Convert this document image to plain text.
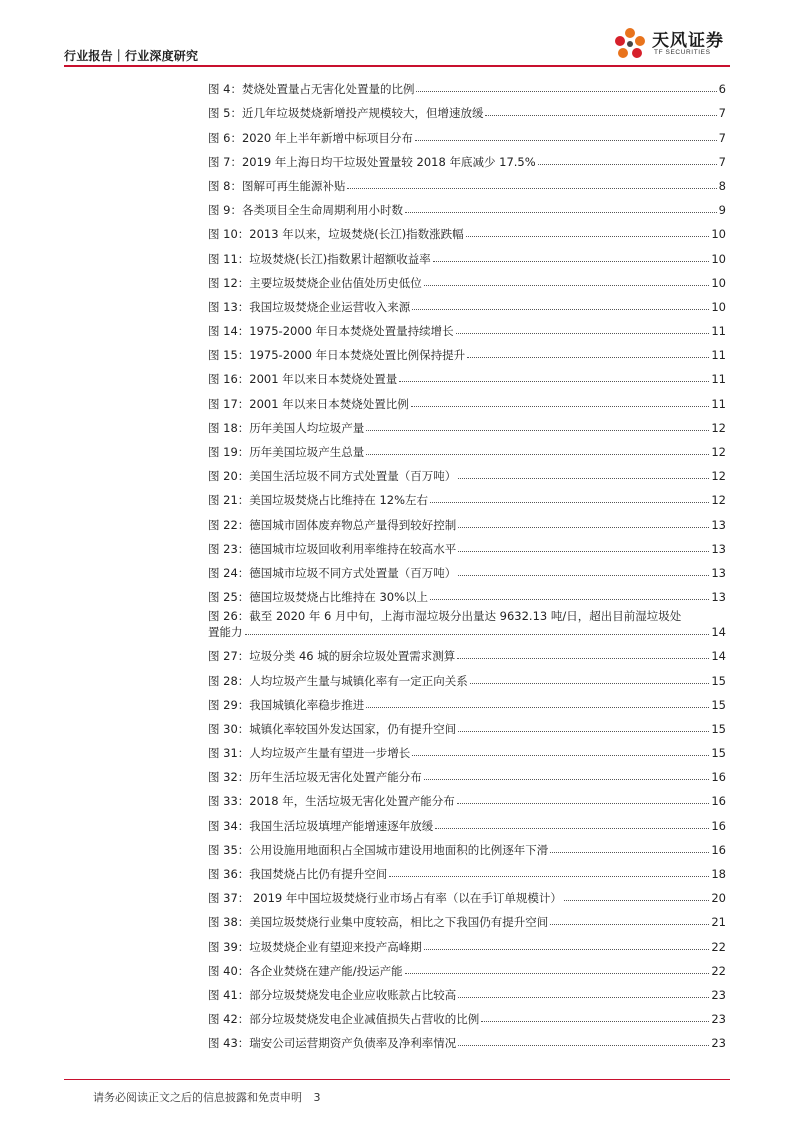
行业报告｜行业深度研究
天风证券
TF SECURITIES
图 4：焚烧处置量占无害化处置量的比例	6
图 5：近几年垃圾焚烧新增投产规模较大，但增速放缓	7
图 6：2020 年上半年新增中标项目分布	7
图 7：2019 年上海日均干垃圾处置量较 2018 年底减少 17.5%	7
图 8：图解可再生能源补贴	8
图 9：各类项目全生命周期利用小时数	9
图 10：2013 年以来，垃圾焚烧(长江)指数涨跌幅	10
图 11：垃圾焚烧(长江)指数累计超额收益率	10
图 12：主要垃圾焚烧企业估值处历史低位	10
图 13：我国垃圾焚烧企业运营收入来源	10
图 14：1975-2000 年日本焚烧处置量持续增长	11
图 15：1975-2000 年日本焚烧处置比例保持提升	11
图 16：2001 年以来日本焚烧处置量	11
图 17：2001 年以来日本焚烧处置比例	11
图 18：历年美国人均垃圾产量	12
图 19：历年美国垃圾产生总量	12
图 20：美国生活垃圾不同方式处置量（百万吨）	12
图 21：美国垃圾焚烧占比维持在 12%左右	12
图 22：德国城市固体废弃物总产量得到较好控制	13
图 23：德国城市垃圾回收利用率维持在较高水平	13
图 24：德国城市垃圾不同方式处置量（百万吨）	13
图 25：德国垃圾焚烧占比维持在 30%以上	13
图 26：截至 2020 年 6 月中旬，上海市湿垃圾分出量达 9632.13 吨/日，超出目前湿垃圾处
置能力	14
图 27：垃圾分类 46 城的厨余垃圾处置需求测算	14
图 28：人均垃圾产生量与城镇化率有一定正向关系	15
图 29：我国城镇化率稳步推进	15
图 30：城镇化率较国外发达国家，仍有提升空间	15
图 31：人均垃圾产生量有望进一步增长	15
图 32：历年生活垃圾无害化处置产能分布	16
图 33：2018 年，生活垃圾无害化处置产能分布	16
图 34：我国生活垃圾填埋产能增速逐年放缓	16
图 35：公用设施用地面积占全国城市建设用地面积的比例逐年下滑	16
图 36：我国焚烧占比仍有提升空间	18
图 37： 2019 年中国垃圾焚烧行业市场占有率（以在手订单规模计）	20
图 38：美国垃圾焚烧行业集中度较高，相比之下我国仍有提升空间	21
图 39：垃圾焚烧企业有望迎来投产高峰期	22
图 40：各企业焚烧在建产能/投运产能	22
图 41：部分垃圾焚烧发电企业应收账款占比较高	23
图 42：部分垃圾焚烧发电企业减值损失占营收的比例	23
图 43：瑞安公司运营期资产负债率及净利率情况	23
请务必阅读正文之后的信息披露和免责申明 3
